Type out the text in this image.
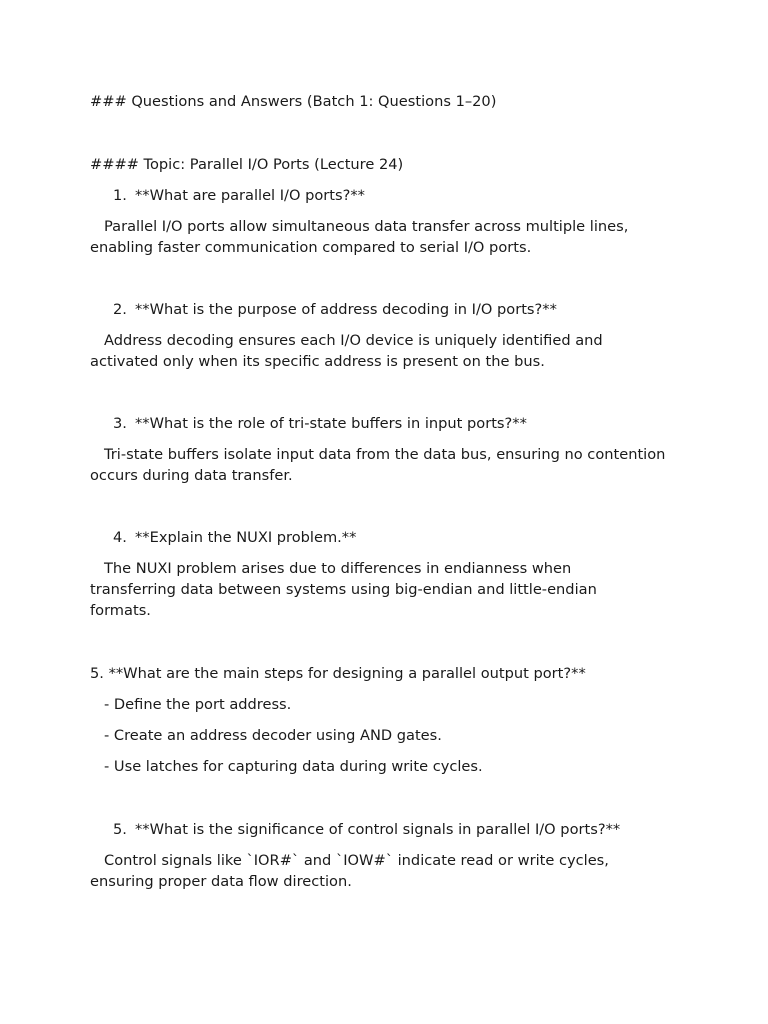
### Questions and Answers (Batch 1: Questions 1–20)
#### Topic: Parallel I/O Ports (Lecture 24)
1. **What are parallel I/O ports?**
Parallel I/O ports allow simultaneous data transfer across multiple lines, enabling faster communication compared to serial I/O ports.
2. **What is the purpose of address decoding in I/O ports?**
Address decoding ensures each I/O device is uniquely identified and activated only when its specific address is present on the bus.
3. **What is the role of tri-state buffers in input ports?**
Tri-state buffers isolate input data from the data bus, ensuring no contention occurs during data transfer.
4. **Explain the NUXI problem.**
The NUXI problem arises due to differences in endianness when transferring data between systems using big-endian and little-endian formats.
5. **What are the main steps for designing a parallel output port?**
- Define the port address.
- Create an address decoder using AND gates.
- Use latches for capturing data during write cycles.
5. **What is the significance of control signals in parallel I/O ports?**
Control signals like `IOR#` and `IOW#` indicate read or write cycles, ensuring proper data flow direction.
